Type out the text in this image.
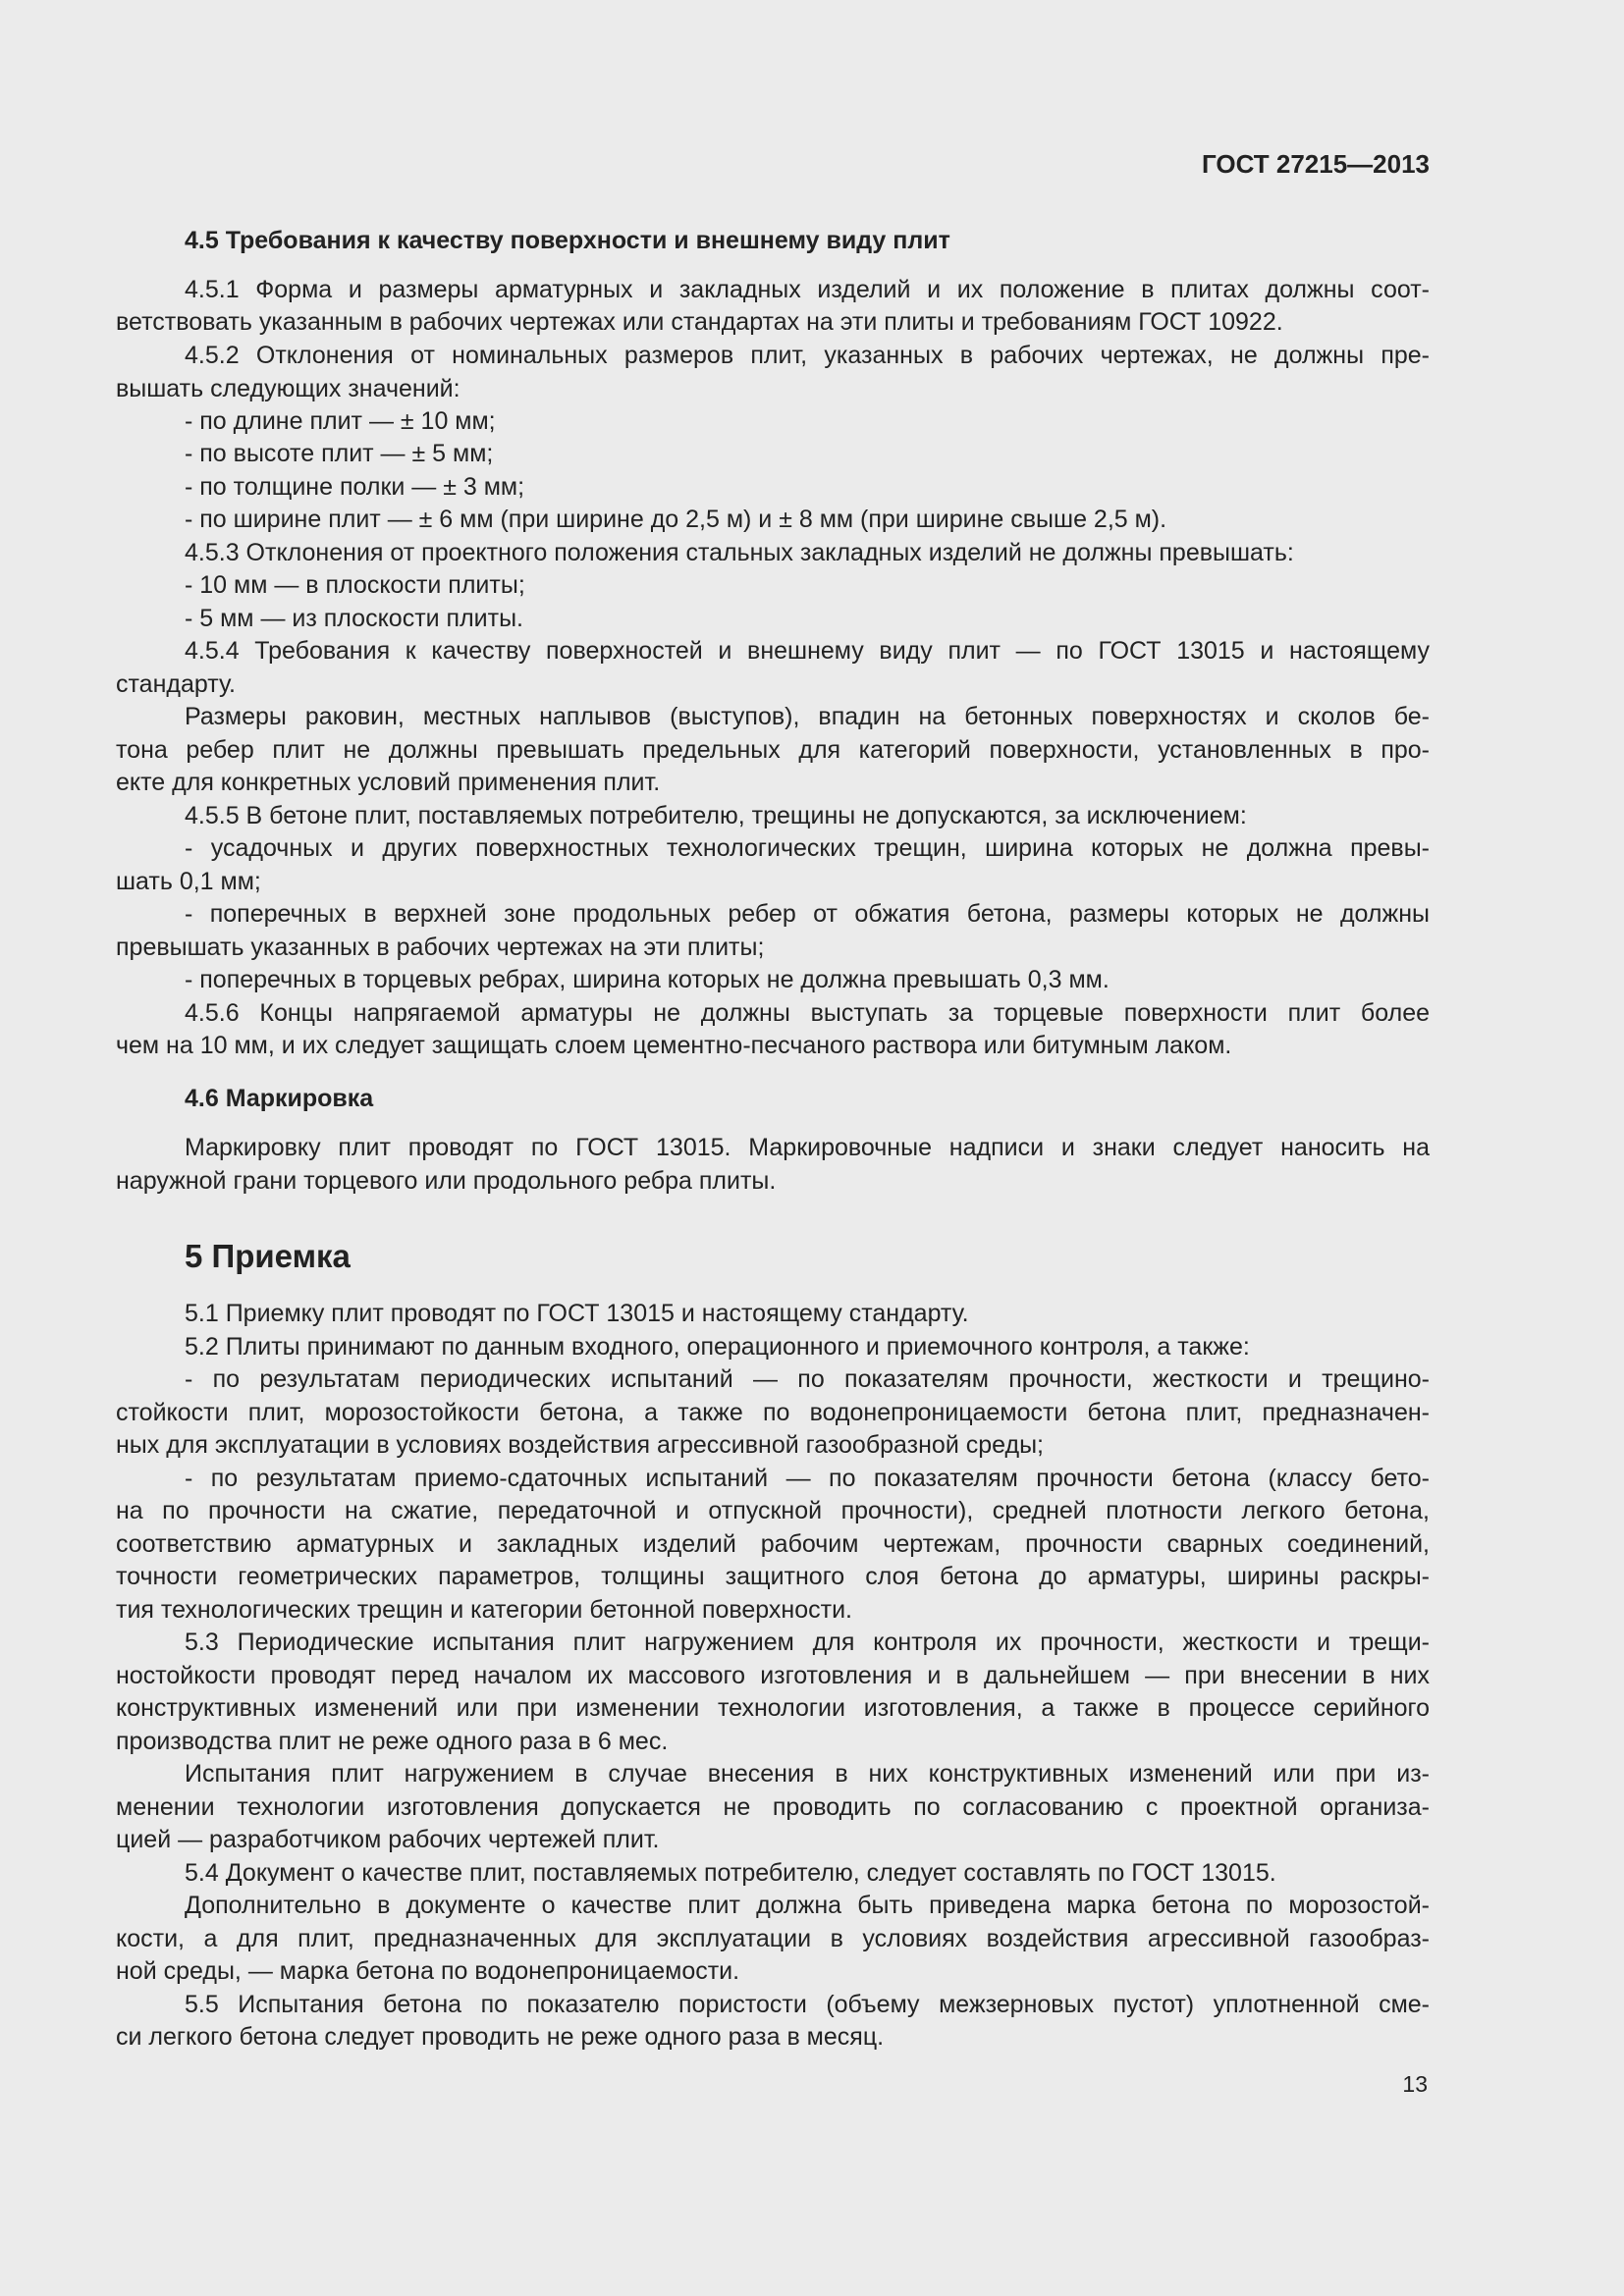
ГОСТ 27215—2013
4.5 Требования к качеству поверхности и внешнему виду плит
4.5.1 Форма и размеры арматурных и закладных изделий и их положение в плитах должны соот-
ветствовать указанным в рабочих чертежах или стандартах на эти плиты и требованиям ГОСТ 10922.
4.5.2 Отклонения от номинальных размеров плит, указанных в рабочих чертежах, не должны пре-
вышать следующих значений:
- по длине плит — ± 10 мм;
- по высоте плит — ± 5 мм;
- по толщине полки — ± 3 мм;
- по ширине плит — ± 6 мм (при ширине до 2,5 м) и ± 8 мм (при ширине свыше 2,5 м).
4.5.3 Отклонения от проектного положения стальных закладных изделий не должны превышать:
- 10 мм — в плоскости плиты;
- 5 мм — из плоскости плиты.
4.5.4 Требования к качеству поверхностей и внешнему виду плит — по ГОСТ 13015 и настоящему
стандарту.
Размеры раковин, местных наплывов (выступов), впадин на бетонных поверхностях и сколов бе-
тона ребер плит не должны превышать предельных для категорий поверхности, установленных в про-
екте для конкретных условий применения плит.
4.5.5 В бетоне плит, поставляемых потребителю, трещины не допускаются, за исключением:
- усадочных и других поверхностных технологических трещин, ширина которых не должна превы-
шать 0,1 мм;
- поперечных в верхней зоне продольных ребер от обжатия бетона, размеры которых не должны
превышать указанных в рабочих чертежах на эти плиты;
- поперечных в торцевых ребрах, ширина которых не должна превышать 0,3 мм.
4.5.6 Концы напрягаемой арматуры не должны выступать за торцевые поверхности плит более
чем на 10 мм, и их следует защищать слоем цементно-песчаного раствора или битумным лаком.
4.6 Маркировка
Маркировку плит проводят по ГОСТ 13015. Маркировочные надписи и знаки следует наносить на
наружной грани торцевого или продольного ребра плиты.
5 Приемка
5.1 Приемку плит проводят по ГОСТ 13015 и настоящему стандарту.
5.2 Плиты принимают по данным входного, операционного и приемочного контроля, а также:
- по результатам периодических испытаний — по показателям прочности, жесткости и трещино-
стойкости плит, морозостойкости бетона, а также по водонепроницаемости бетона плит, предназначен-
ных для эксплуатации в условиях воздействия агрессивной газообразной среды;
- по результатам приемо-сдаточных испытаний — по показателям прочности бетона (классу бето-
на по прочности на сжатие, передаточной и отпускной прочности), средней плотности легкого бетона,
соответствию арматурных и закладных изделий рабочим чертежам, прочности сварных соединений,
точности геометрических параметров, толщины защитного слоя бетона до арматуры, ширины раскры-
тия технологических трещин и категории бетонной поверхности.
5.3 Периодические испытания плит нагружением для контроля их прочности, жесткости и трещи-
ностойкости проводят перед началом их массового изготовления и в дальнейшем — при внесении в них
конструктивных изменений или при изменении технологии изготовления, а также в процессе серийного
производства плит не реже одного раза в 6 мес.
Испытания плит нагружением в случае внесения в них конструктивных изменений или при из-
менении технологии изготовления допускается не проводить по согласованию с проектной организа-
цией — разработчиком рабочих чертежей плит.
5.4 Документ о качестве плит, поставляемых потребителю, следует составлять по ГОСТ 13015.
Дополнительно в документе о качестве плит должна быть приведена марка бетона по морозостой-
кости, а для плит, предназначенных для эксплуатации в условиях воздействия агрессивной газообраз-
ной среды, — марка бетона по водонепроницаемости.
5.5 Испытания бетона по показателю пористости (объему межзерновых пустот) уплотненной сме-
си легкого бетона следует проводить не реже одного раза в месяц.
13
